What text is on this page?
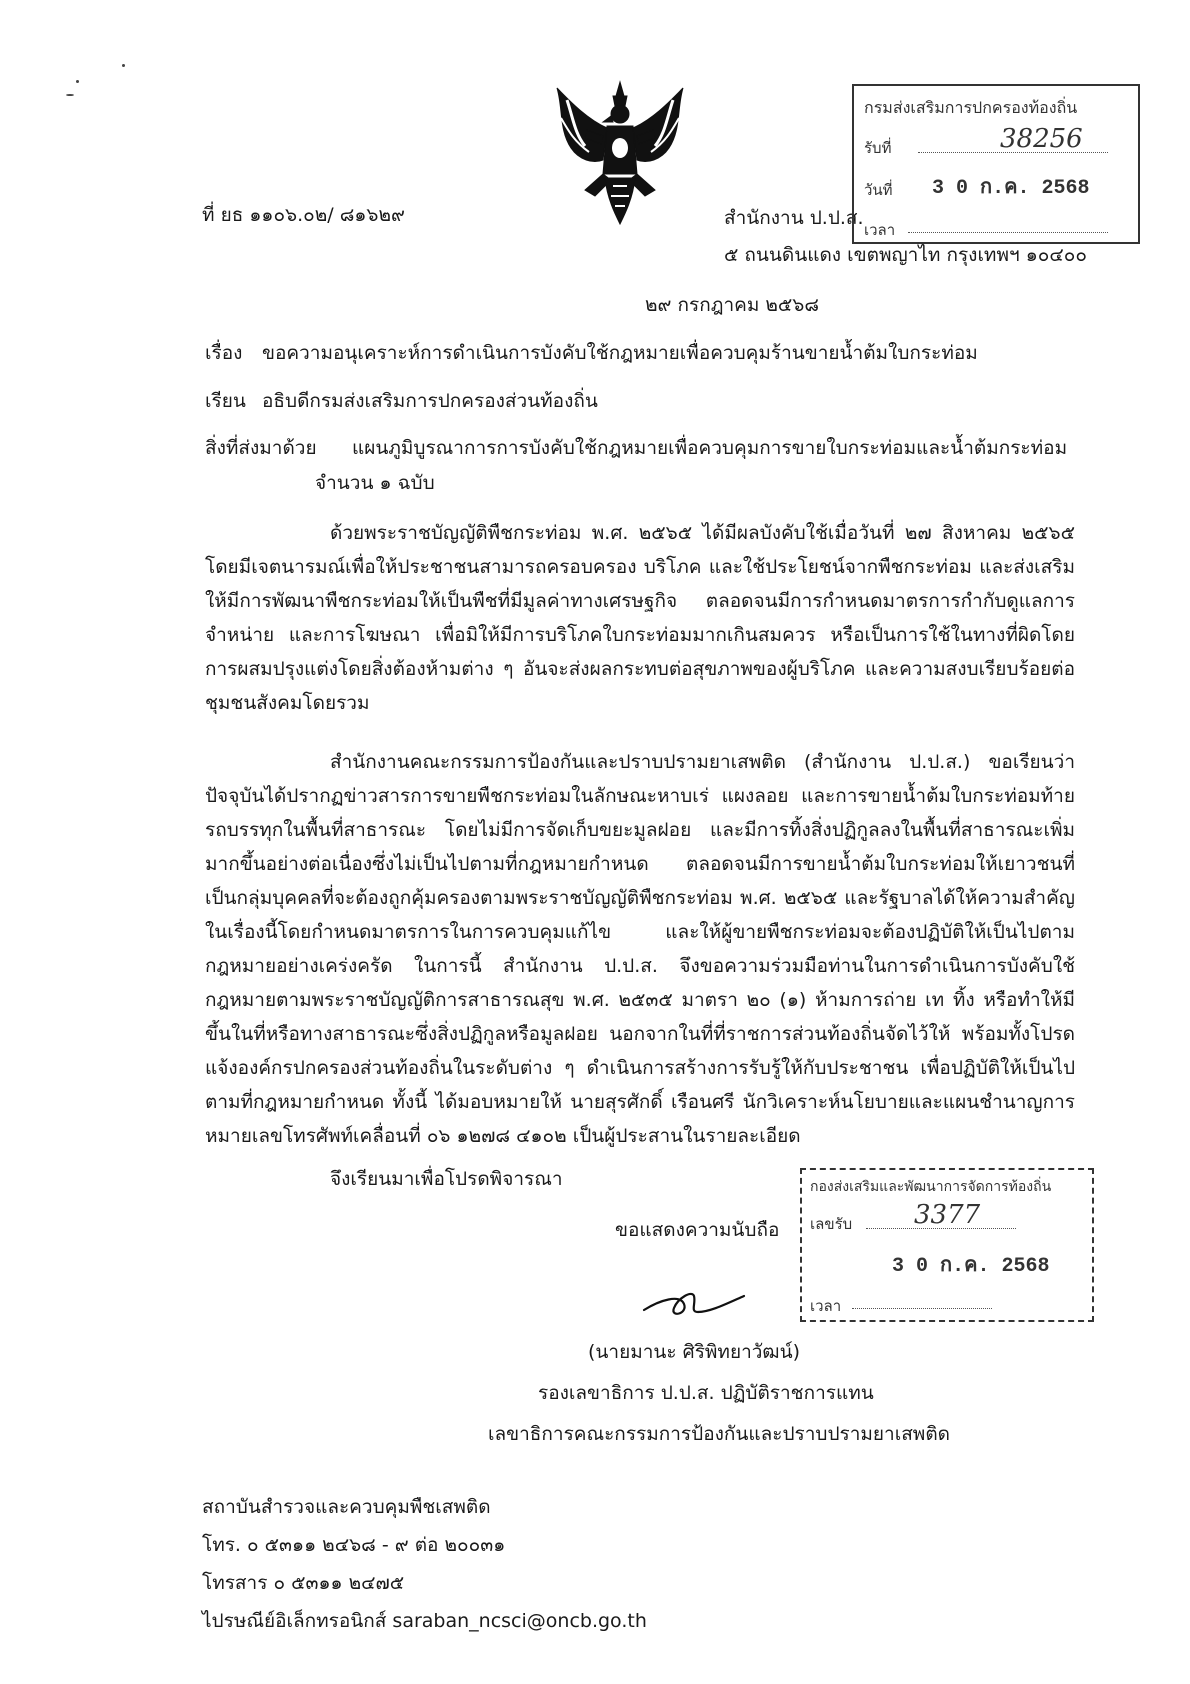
ที่ ยธ ๑๑๐๖.๐๒/ ๘๑๖๒๙	สำนักงาน ป.ป.ส.
๕ ถนนดินแดง เขตพญาไท กรุงเทพฯ ๑๐๔๐๐
กรมส่งเสริมการปกครองท้องถิ่น
รับที่	38256
วันที่ 3 0 ก.ค. 2568
เวลา
๒๙ กรกฎาคม ๒๕๖๘
เรื่อง ขอความอนุเคราะห์การดำเนินการบังคับใช้กฎหมายเพื่อควบคุมร้านขายน้ำต้มใบกระท่อม
เรียน อธิบดีกรมส่งเสริมการปกครองส่วนท้องถิ่น
สิ่งที่ส่งมาด้วย แผนภูมิบูรณาการการบังคับใช้กฎหมายเพื่อควบคุมการขายใบกระท่อมและน้ำต้มกระท่อม
จำนวน ๑ ฉบับ
ด้วยพระราชบัญญัติพืชกระท่อม พ.ศ. ๒๕๖๕ ได้มีผลบังคับใช้เมื่อวันที่ ๒๗ สิงหาคม ๒๕๖๕ โดยมีเจตนารมณ์เพื่อให้ประชาชนสามารถครอบครอง บริโภค และใช้ประโยชน์จากพืชกระท่อม และส่งเสริมให้มีการพัฒนาพืชกระท่อมให้เป็นพืชที่มีมูลค่าทางเศรษฐกิจ ตลอดจนมีการกำหนดมาตรการกำกับดูแลการจำหน่าย และการโฆษณา เพื่อมิให้มีการบริโภคใบกระท่อมมากเกินสมควร หรือเป็นการใช้ในทางที่ผิดโดยการผสมปรุงแต่งโดยสิ่งต้องห้ามต่าง ๆ อันจะส่งผลกระทบต่อสุขภาพของผู้บริโภค และความสงบเรียบร้อยต่อชุมชนสังคมโดยรวม
สำนักงานคณะกรรมการป้องกันและปราบปรามยาเสพติด (สำนักงาน ป.ป.ส.) ขอเรียนว่าปัจจุบันได้ปรากฏข่าวสารการขายพืชกระท่อมในลักษณะหาบเร่ แผงลอย และการขายน้ำต้มใบกระท่อมท้ายรถบรรทุกในพื้นที่สาธารณะ โดยไม่มีการจัดเก็บขยะมูลฝอย และมีการทิ้งสิ่งปฏิกูลลงในพื้นที่สาธารณะเพิ่มมากขึ้นอย่างต่อเนื่องซึ่งไม่เป็นไปตามที่กฎหมายกำหนด ตลอดจนมีการขายน้ำต้มใบกระท่อมให้เยาวชนที่เป็นกลุ่มบุคคลที่จะต้องถูกคุ้มครองตามพระราชบัญญัติพืชกระท่อม พ.ศ. ๒๕๖๕ และรัฐบาลได้ให้ความสำคัญในเรื่องนี้โดยกำหนดมาตรการในการควบคุมแก้ไข และให้ผู้ขายพืชกระท่อมจะต้องปฏิบัติให้เป็นไปตามกฎหมายอย่างเคร่งครัด ในการนี้ สำนักงาน ป.ป.ส. จึงขอความร่วมมือท่านในการดำเนินการบังคับใช้กฎหมายตามพระราชบัญญัติการสาธารณสุข พ.ศ. ๒๕๓๕ มาตรา ๒๐ (๑) ห้ามการถ่าย เท ทิ้ง หรือทำให้มีขึ้นในที่หรือทางสาธารณะซึ่งสิ่งปฏิกูลหรือมูลฝอย นอกจากในที่ที่ราชการส่วนท้องถิ่นจัดไว้ให้ พร้อมทั้งโปรดแจ้งองค์กรปกครองส่วนท้องถิ่นในระดับต่าง ๆ ดำเนินการสร้างการรับรู้ให้กับประชาชน เพื่อปฏิบัติให้เป็นไปตามที่กฎหมายกำหนด ทั้งนี้ ได้มอบหมายให้ นายสุรศักดิ์ เรือนศรี นักวิเคราะห์นโยบายและแผนชำนาญการหมายเลขโทรศัพท์เคลื่อนที่ ๐๖ ๑๒๗๘ ๔๑๐๒ เป็นผู้ประสานในรายละเอียด
จึงเรียนมาเพื่อโปรดพิจารณา
ขอแสดงความนับถือ
กองส่งเสริมและพัฒนาการจัดการท้องถิ่น
เลขรับ 3377
3 0 ก.ค. 2568
เวลา
(นายมานะ ศิริพิทยาวัฒน์)
รองเลขาธิการ ป.ป.ส. ปฏิบัติราชการแทน
เลขาธิการคณะกรรมการป้องกันและปราบปรามยาเสพติด
สถาบันสำรวจและควบคุมพืชเสพติด
โทร. ๐ ๕๓๑๑ ๒๔๖๘ - ๙ ต่อ ๒๐๐๓๑
โทรสาร ๐ ๕๓๑๑ ๒๔๗๕
ไปรษณีย์อิเล็กทรอนิกส์ saraban_ncsci@oncb.go.th
